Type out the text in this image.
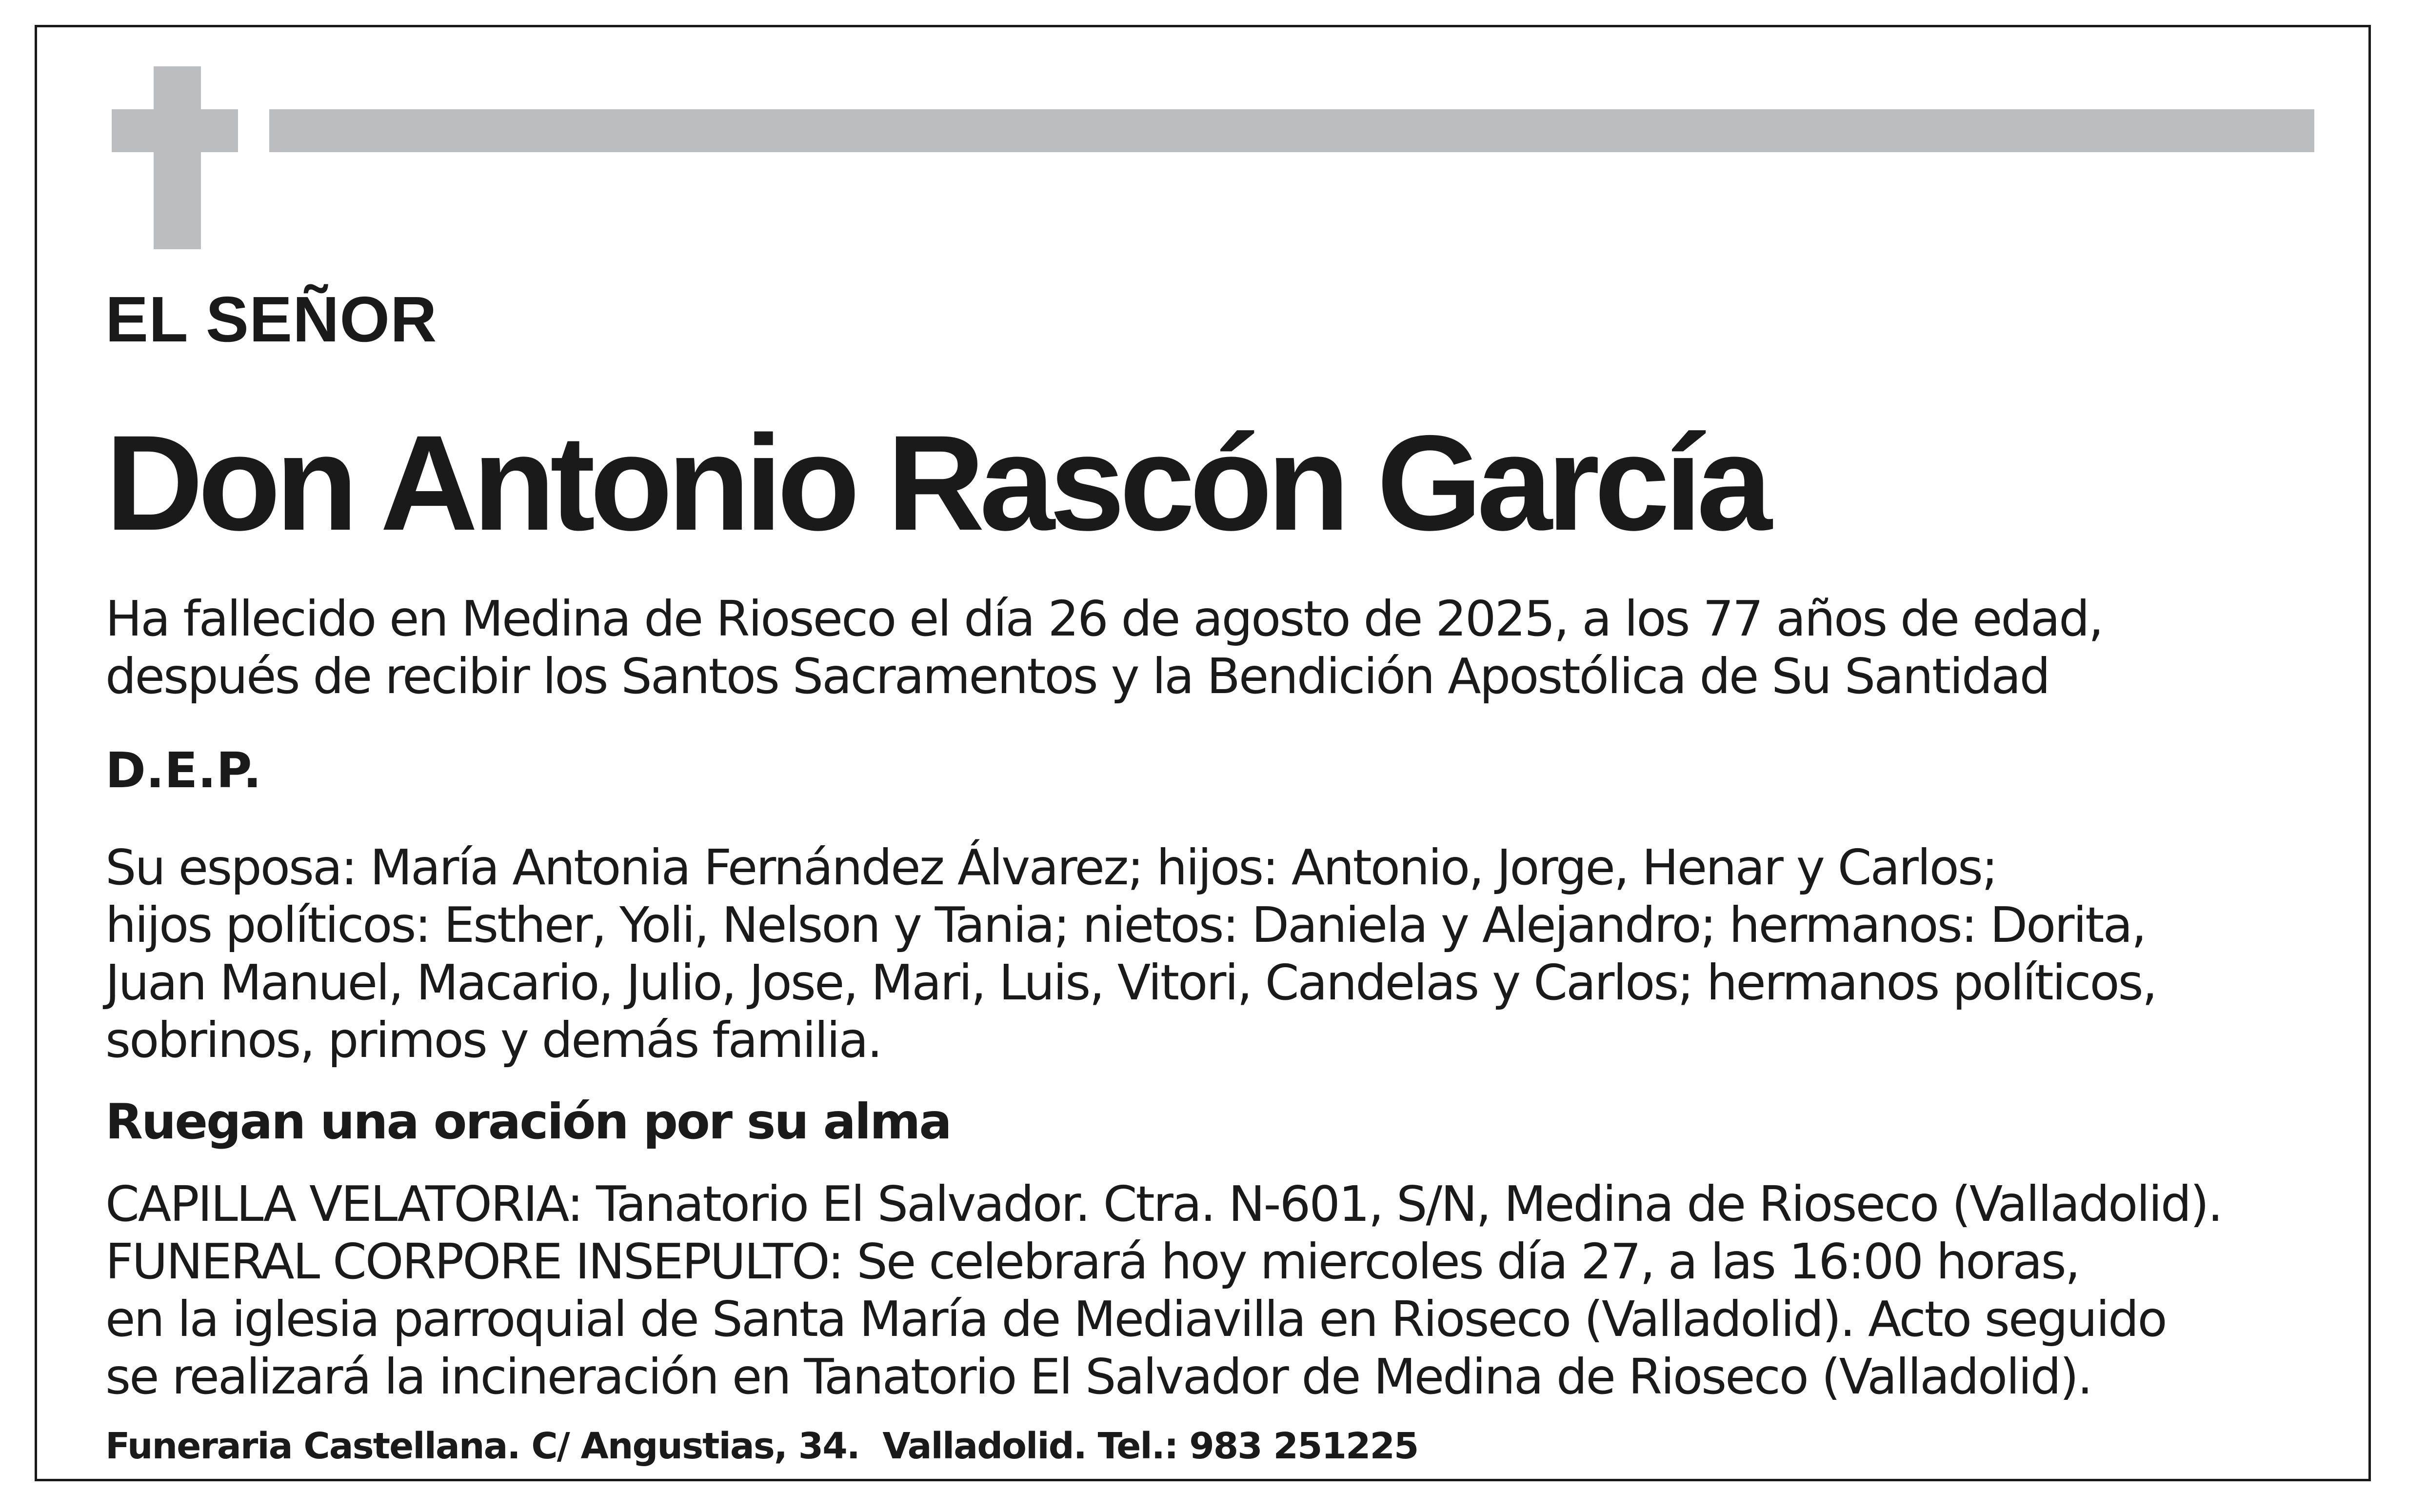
EL SEÑOR

Don Antonio Rascón García
Ha fallecido en Medina de Rioseco el día 26 de agosto de 2025, a los 77 años de edad,
después de recibir los Santos Sacramentos y la Bendición Apostólica de Su Santidad

D.E.P.

Su esposa: María Antonia Fernández Álvarez; hijos: Antonio, Jorge, Henar y Carlos;
hijos políticos: Esther, Yoli, Nelson y Tania; nietos: Daniela y Alejandro; hermanos: Dorita,
Juan Manuel, Macario, Julio, Jose, Mari, Luis, Vitori, Candelas y Carlos; hermanos políticos,
sobrinos, primos y demás familia.

Ruegan una oración por su alma

CAPILLA VELATORIA: Tanatorio El Salvador. Ctra. N-601, S/N, Medina de Rioseco (Valladolid).
FUNERAL CORPORE INSEPULTO: Se celebrará hoy miercoles día 27, a las 16:00 horas,
en la iglesia parroquial de Santa María de Mediavilla en Rioseco (Valladolid). Acto seguido
se realizará la incineración en Tanatorio El Salvador de Medina de Rioseco (Valladolid).

Funeraria Castellana. C/ Angustias, 34.  Valladolid. Tel.: 983 251225
